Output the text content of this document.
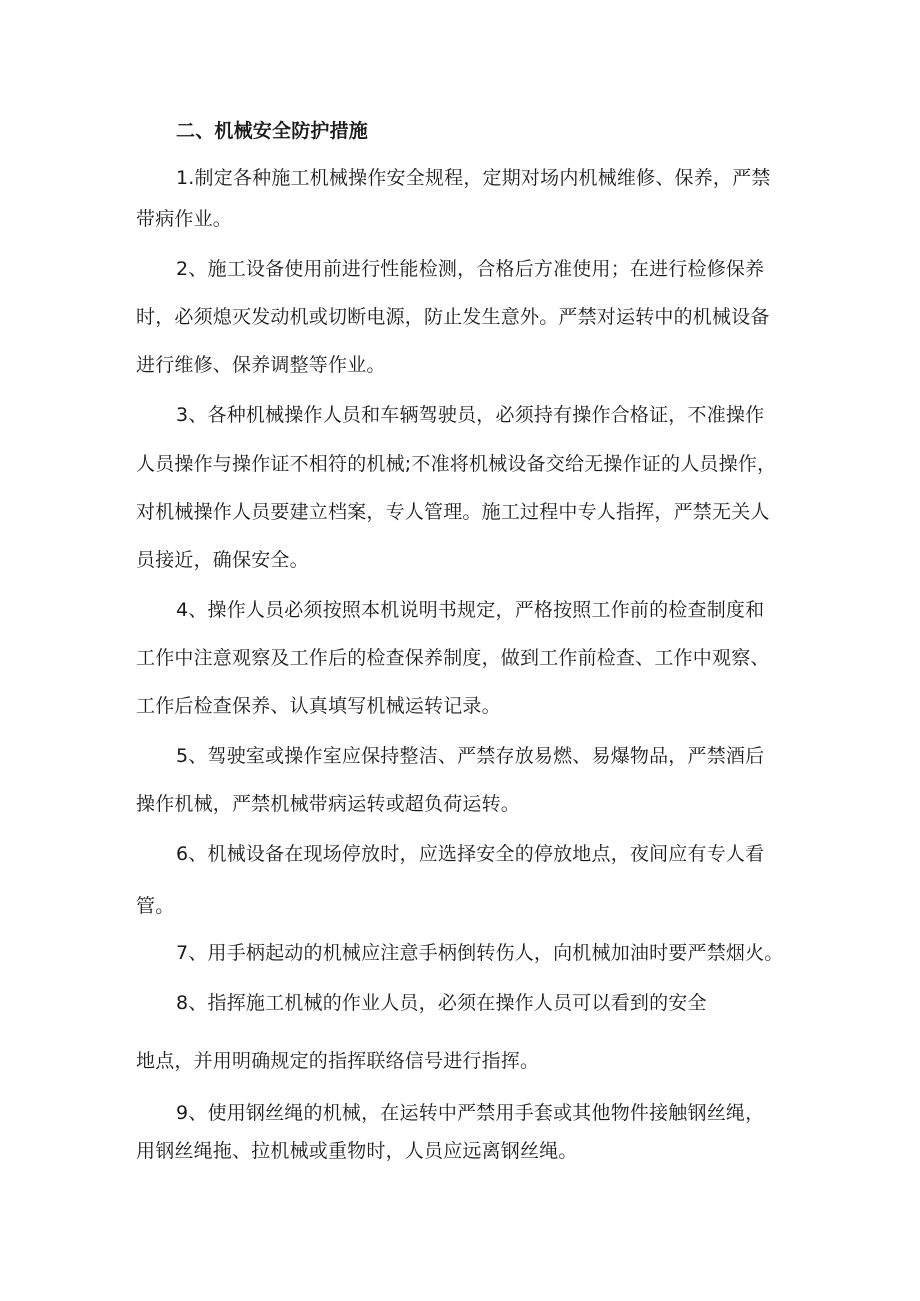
二、机械安全防护措施
1.制定各种施工机械操作安全规程，定期对场内机械维修、保养，严禁
带病作业。
2、施工设备使用前进行性能检测，合格后方准使用；在进行检修保养
时，必须熄灭发动机或切断电源，防止发生意外。严禁对运转中的机械设备
进行维修、保养调整等作业。
3、各种机械操作人员和车辆驾驶员，必须持有操作合格证，不准操作
人员操作与操作证不相符的机械;不准将机械设备交给无操作证的人员操作，
对机械操作人员要建立档案，专人管理。施工过程中专人指挥，严禁无关人
员接近，确保安全。
4、操作人员必须按照本机说明书规定，严格按照工作前的检查制度和
工作中注意观察及工作后的检查保养制度，做到工作前检查、工作中观察、
工作后检查保养、认真填写机械运转记录。
5、驾驶室或操作室应保持整洁、严禁存放易燃、易爆物品，严禁酒后
操作机械，严禁机械带病运转或超负荷运转。
6、机械设备在现场停放时，应选择安全的停放地点，夜间应有专人看
管。
7、用手柄起动的机械应注意手柄倒转伤人，向机械加油时要严禁烟火。
8、指挥施工机械的作业人员，必须在操作人员可以看到的安全
地点，并用明确规定的指挥联络信号进行指挥。
9、使用钢丝绳的机械，在运转中严禁用手套或其他物件接触钢丝绳，
用钢丝绳拖、拉机械或重物时，人员应远离钢丝绳。
